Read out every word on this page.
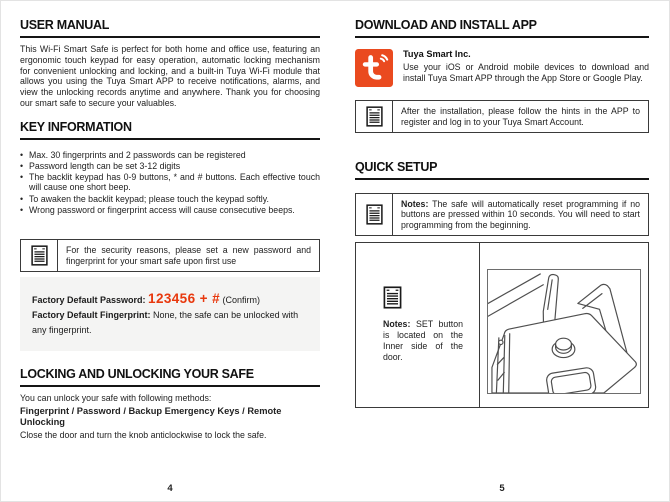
USER MANUAL

This Wi-Fi Smart Safe is perfect for both home and office use, featuring an ergonomic touch keypad for easy operation, automatic locking mechanism for convenient unlocking and locking, and a built-in Tuya Wi-Fi module that allows you using the Tuya Smart APP to receive notifications, alarms, and view the unlocking records anytime and anywhere. Thank you for choosing our smart safe to secure your valuables.

KEY INFORMATION
• Max. 30 fingerprints and 2 passwords can be registered
• Password length can be set 3-12 digits
• The backlit keypad has 0-9 buttons, * and # buttons. Each effective touch will cause one short beep.
• To awaken the backlit keypad; please touch the keypad softly.
• Wrong password or fingerprint access will cause consecutive beeps.
For the security reasons, please set a new password and fingerprint for your smart safe upon first use
Factory Default Password: 123456 + # (Confirm)
Factory Default Fingerprint: None, the safe can be unlocked with any fingerprint.
LOCKING AND UNLOCKING YOUR SAFE

You can unlock your safe with following methods:

Fingerprint / Password / Backup Emergency Keys / Remote Unlocking

Close the door and turn the knob anticlockwise to lock the safe.

DOWNLOAD AND INSTALL APP
Tuya Smart Inc.
Use your iOS or Android mobile devices to download and install Tuya Smart APP through the App Store or Google Play.
After the installation, please follow the hints in the APP to register and log in to your Tuya Smart Account.
QUICK SETUP
Notes: The safe will automatically reset programming if no buttons are pressed within 10 seconds. You will need to start programming from the beginning.

Notes: SET button is located on the Inner side of the door.

4	5
